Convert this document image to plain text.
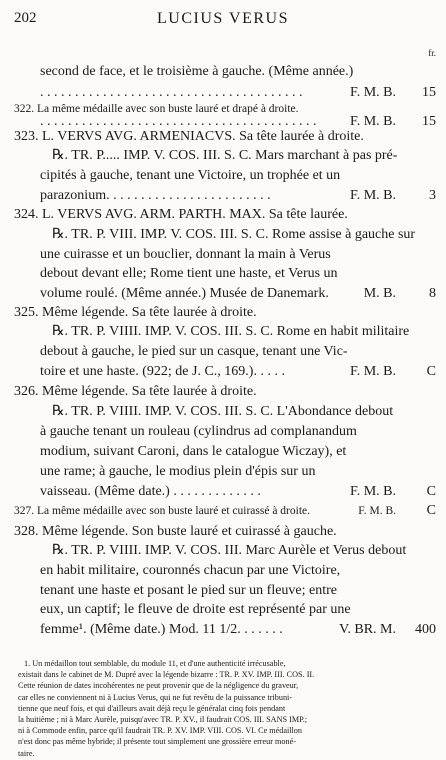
202	LUCIUS VERUS
fr.
second de face, et le troisième à gauche. (Même année.)
. . . . . . . . . . . . . . . . . . . . . . . . . . . . . . . . . . . . . .	F. M. B. 15
322. La même médaille avec son buste lauré et drapé à droite.
. . . . . . . . . . . . . . . . . . . . . . . . . . . . . . . . . . . . . . . . F. M. B. 15
323. L. VERVS AVG. ARMENIACVS. Sa tête laurée à droite.
℞. TR. P..... IMP. V. COS. III. S. C. Mars marchant à pas pré-
cipités à gauche, tenant une Victoire, un trophée et un
parazonium. . . . . . . . . . . . . . . . . . . . . . . .	F. M. B. 3
324. L. VERVS AVG. ARM. PARTH. MAX. Sa tête laurée.
℞. TR. P. VIII. IMP. V. COS. III. S. C. Rome assise à gauche sur
une cuirasse et un bouclier, donnant la main à Verus
debout devant elle; Rome tient une haste, et Verus un
volume roulé. (Même année.) Musée de Danemark. M. B. 8
325. Même légende. Sa tête laurée à droite.
℞. TR. P. VIIII. IMP. V. COS. III. S. C. Rome en habit militaire
debout à gauche, le pied sur un casque, tenant une Vic-
toire et une haste. (922; de J. C., 169.). . . . .	F. M. B. C
326. Même légende. Sa tête laurée à droite.
℞. TR. P. VIIII. IMP. V. COS. III. S. C. L'Abondance debout
à gauche tenant un rouleau (cylindrus ad complanandum
modium, suivant Caroni, dans le catalogue Wiczay), et
une rame; à gauche, le modius plein d'épis sur un
vaisseau. (Même date.) . . . . . . . . . . . . .	F. M. B. C
327. La même médaille avec son buste lauré et cuirassé à droite.	F. M. B. C
328. Même légende. Son buste lauré et cuirassé à gauche.
℞. TR. P. VIIII. IMP. V. COS. III. Marc Aurèle et Verus debout
en habit militaire, couronnés chacun par une Victoire,
tenant une haste et posant le pied sur un fleuve; entre
eux, un captif; le fleuve de droite est représenté par une
femme¹. (Même date.) Mod. 11 1/2. . . . . . .	V. BR. M. 400
1. Un médaillon tout semblable, du module 11, et d'une authenticité irrécusable,
existait dans le cabinet de M. Dupré avec la légende bizarre : TR. P. XV. IMP. III. COS. II.
Cette réunion de dates incohérentes ne peut provenir que de la négligence du graveur,
car elles ne conviennent ni à Lucius Verus, qui ne fut revêtu de la puissance tribuni-
tienne que neuf fois, et qui d'ailleurs avait déjà reçu le généralat cinq fois pendant
la huitième ; ni à Marc Aurèle, puisqu'avec TR. P. XV., il faudrait COS. III. SANS IMP.;
ni à Commode enfin, parce qu'il faudrait TR. P. XV. IMP. VIII. COS. VI. Ce médaillon
n'est donc pas même hybride; il présente tout simplement une grossière erreur moné-
taire.
